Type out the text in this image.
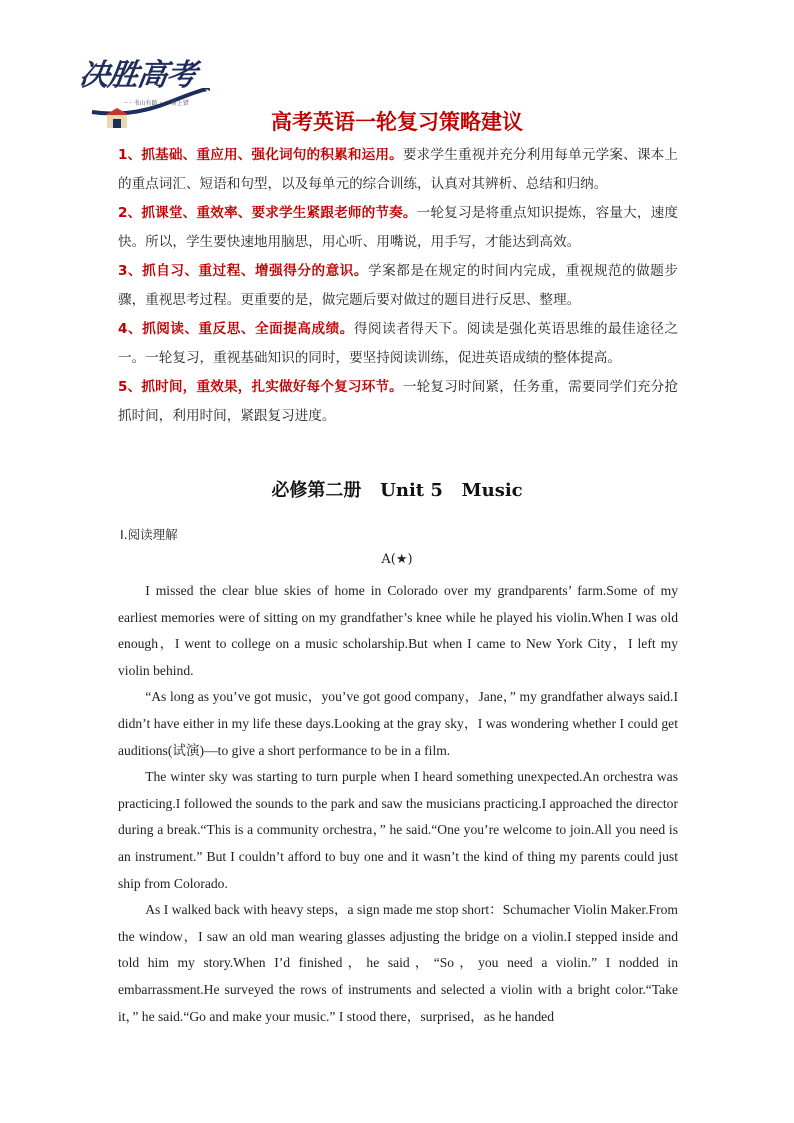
决胜高考
·· · 书山有路 · · · 财上错
高考英语一轮复习策略建议

1、抓基础、重应用、强化词句的积累和运用。要求学生重视并充分利用每单元学案、课本上的重点词汇、短语和句型，以及每单元的综合训练，认真对其辨析、总结和归纳。

2、抓课堂、重效率、要求学生紧跟老师的节奏。一轮复习是将重点知识提炼，容量大，速度快。所以，学生要快速地用脑思，用心听、用嘴说，用手写，才能达到高效。

3、抓自习、重过程、增强得分的意识。学案都是在规定的时间内完成，重视规范的做题步骤，重视思考过程。更重要的是，做完题后要对做过的题目进行反思、整理。

4、抓阅读、重反思、全面提高成绩。得阅读者得天下。阅读是强化英语思维的最佳途径之一。一轮复习，重视基础知识的同时，要坚持阅读训练，促进英语成绩的整体提高。

5、抓时间，重效果，扎实做好每个复习环节。一轮复习时间紧，任务重，需要同学们充分抢抓时间，利用时间，紧跟复习进度。

必修第二册   Unit 5   Music
Ⅰ.阅读理解
A(★)

I missed the clear blue skies of home in Colorado over my grandparents’ farm.Some of my earliest memories were of sitting on my grandfather’s knee while he played his violin.When I was old enough，I went to college on a music scholarship.But when I came to New York City，I left my violin behind.

“As long as you’ve got music，you’ve got good company，Jane，” my grandfather always said.I didn’t have either in my life these days.Looking at the gray sky，I was wondering whether I could get auditions(试演)—to give a short performance to be in a film.

The winter sky was starting to turn purple when I heard something unexpected.An orchestra was practicing.I followed the sounds to the park and saw the musicians practicing.I approached the director during a break.“This is a community orchestra，” he said.“One you’re welcome to join.All you need is an instrument.” But I couldn’t afford to buy one and it wasn’t the kind of thing my parents could just ship from Colorado.

As I walked back with heavy steps，a sign made me stop short：Schumacher Violin Maker.From the window，I saw an old man wearing glasses adjusting the bridge on a violin.I stepped inside and told him my story.When I’d finished，he said，“So，you need a violin.” I nodded in embarrassment.He surveyed the rows of instruments and selected a violin with a bright color.“Take it，” he said.“Go and make your music.” I stood there，surprised，as he handed
